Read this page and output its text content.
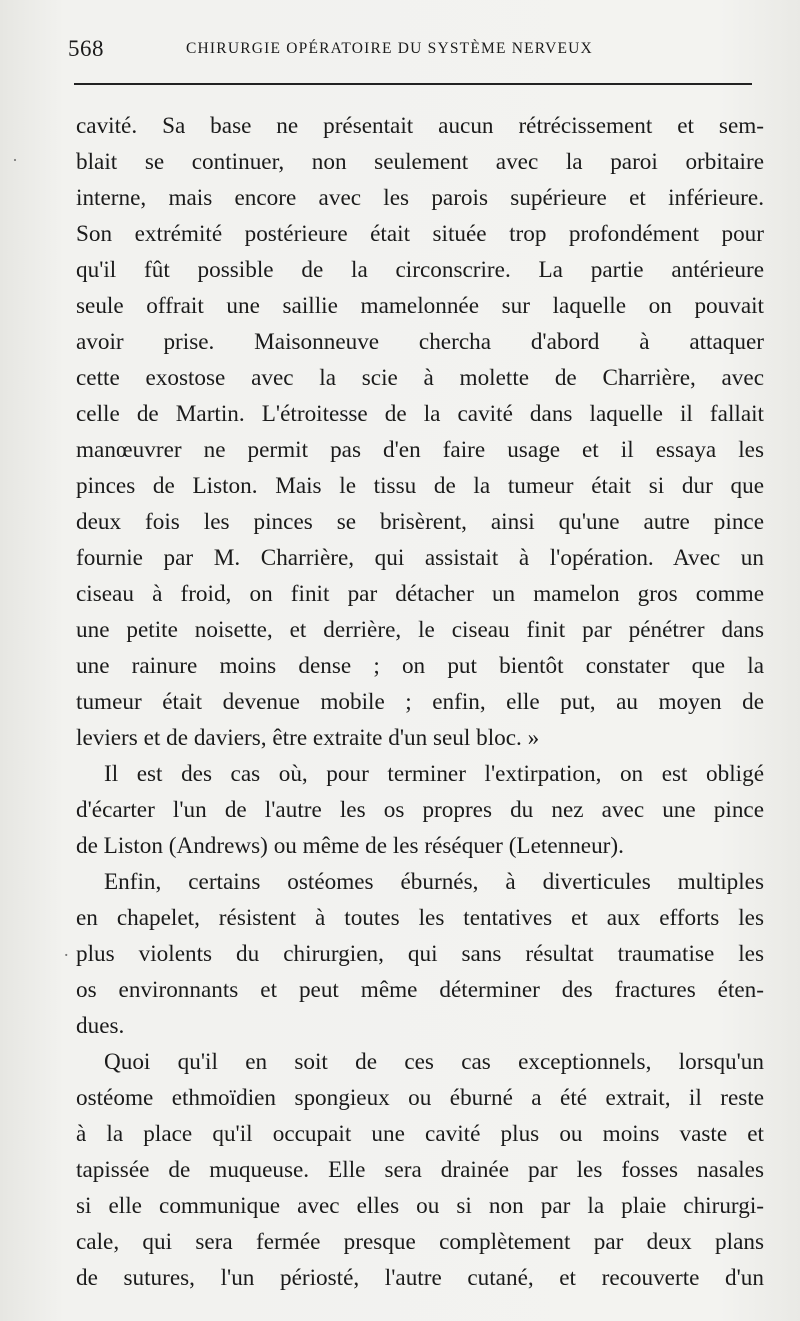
568	CHIRURGIE OPÉRATOIRE DU SYSTÈME NERVEUX
·
.
cavité. Sa base ne présentait aucun rétrécissement et sem-
blait se continuer, non seulement avec la paroi orbitaire
interne, mais encore avec les parois supérieure et inférieure.
Son extrémité postérieure était située trop profondément pour
qu'il fût possible de la circonscrire. La partie antérieure
seule offrait une saillie mamelonnée sur laquelle on pouvait
avoir prise. Maisonneuve chercha d'abord à attaquer
cette exostose avec la scie à molette de Charrière, avec
celle de Martin. L'étroitesse de la cavité dans laquelle il fallait
manœuvrer ne permit pas d'en faire usage et il essaya les
pinces de Liston. Mais le tissu de la tumeur était si dur que
deux fois les pinces se brisèrent, ainsi qu'une autre pince
fournie par M. Charrière, qui assistait à l'opération. Avec un
ciseau à froid, on finit par détacher un mamelon gros comme
une petite noisette, et derrière, le ciseau finit par pénétrer dans
une rainure moins dense ; on put bientôt constater que la
tumeur était devenue mobile ; enfin, elle put, au moyen de
leviers et de daviers, être extraite d'un seul bloc. »
Il est des cas où, pour terminer l'extirpation, on est obligé
d'écarter l'un de l'autre les os propres du nez avec une pince
de Liston (Andrews) ou même de les réséquer (Letenneur).
Enfin, certains ostéomes éburnés, à diverticules multiples
en chapelet, résistent à toutes les tentatives et aux efforts les
plus violents du chirurgien, qui sans résultat traumatise les
os environnants et peut même déterminer des fractures éten-
dues.
Quoi qu'il en soit de ces cas exceptionnels, lorsqu'un
ostéome ethmoïdien spongieux ou éburné a été extrait, il reste
à la place qu'il occupait une cavité plus ou moins vaste et
tapissée de muqueuse. Elle sera drainée par les fosses nasales
si elle communique avec elles ou si non par la plaie chirurgi-
cale, qui sera fermée presque complètement par deux plans
de sutures, l'un périosté, l'autre cutané, et recouverte d'un
